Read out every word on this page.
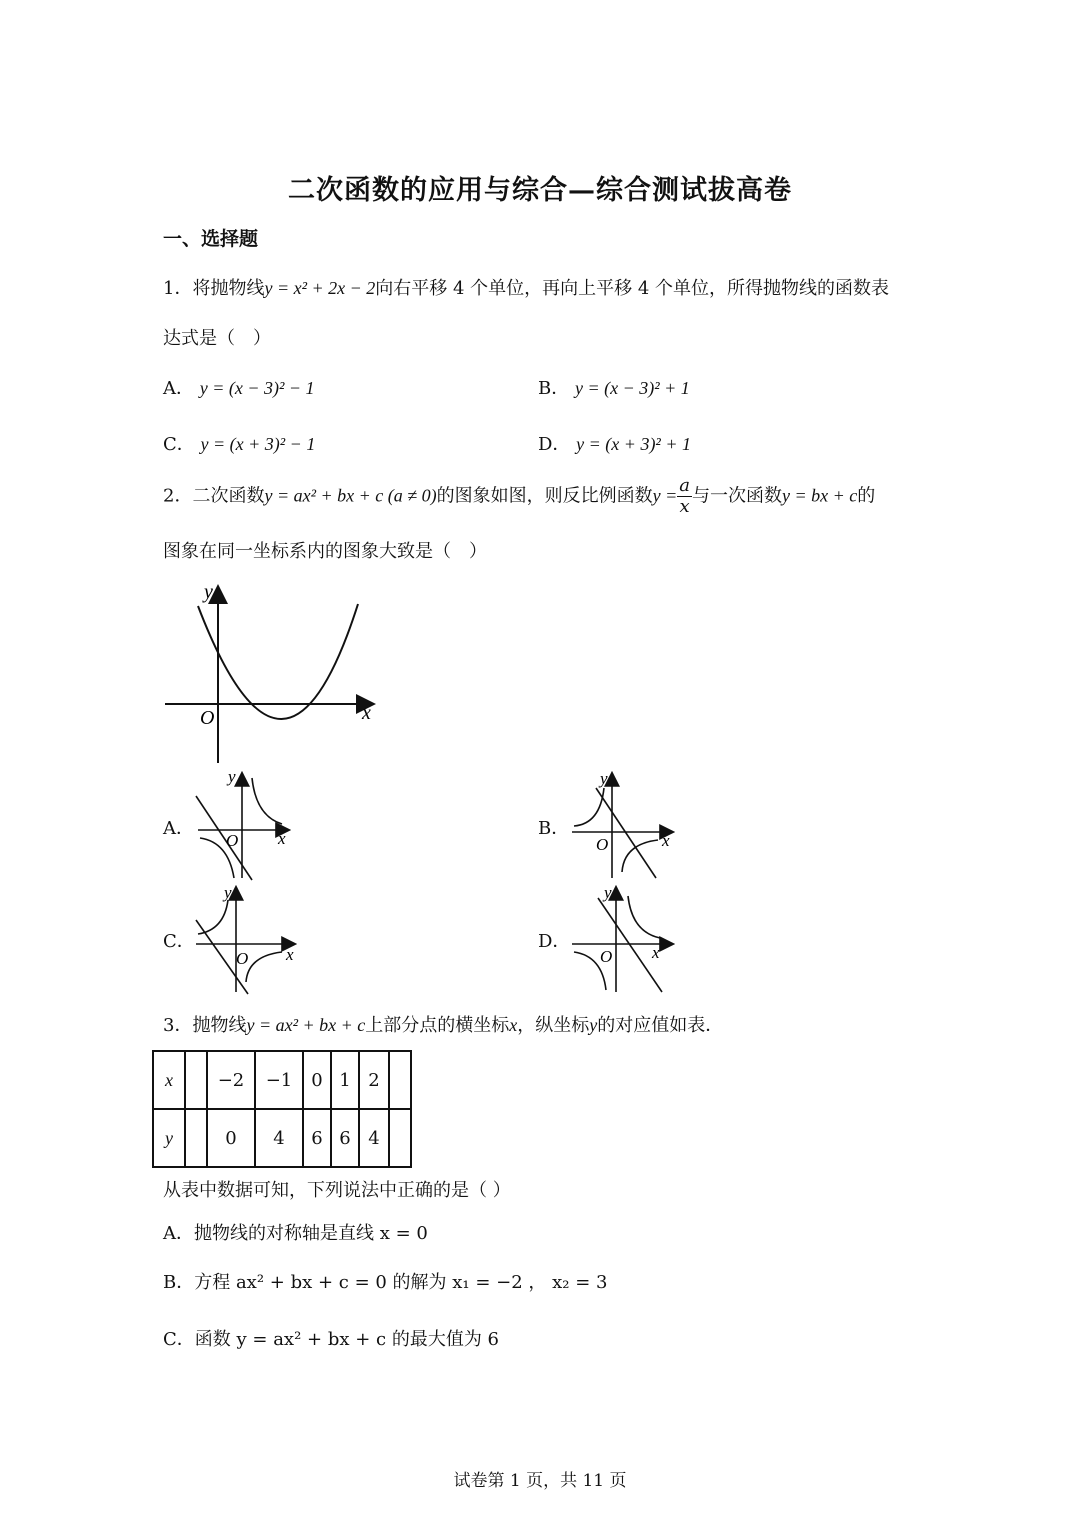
二次函数的应用与综合—综合测试拔高卷
一、选择题
1．将抛物线y = x² + 2x − 2向右平移 4 个单位，再向上平移 4 个单位，所得抛物线的函数表
达式是（　）
A． y = (x − 3)² − 1	B． y = (x − 3)² + 1
C． y = (x + 3)² − 1	D． y = (x + 3)² + 1
2．二次函数y = ax² + bx + c (a ≠ 0)的图象如图，则反比例函数$y = \frac{a}{x}$ 与一次函数y = bx + c的
图象在同一坐标系内的图象大致是（　）
y
x
O
A．
y
x
O
B．
y
x
O
C．
y
x
O
D．
y
x
O
3．抛物线y = ax² + bx + c上部分点的横坐标x，纵坐标y的对应值如表．
x		−2	−1	0	1	2	
y		0	4	6	6	4	
从表中数据可知，下列说法中正确的是（ ）
A．抛物线的对称轴是直线 x = 0
B．方程 ax² + bx + c = 0 的解为 x₁ = −2 ， x₂ = 3
C．函数 y = ax² + bx + c 的最大值为 6
试卷第 1 页，共 11 页
